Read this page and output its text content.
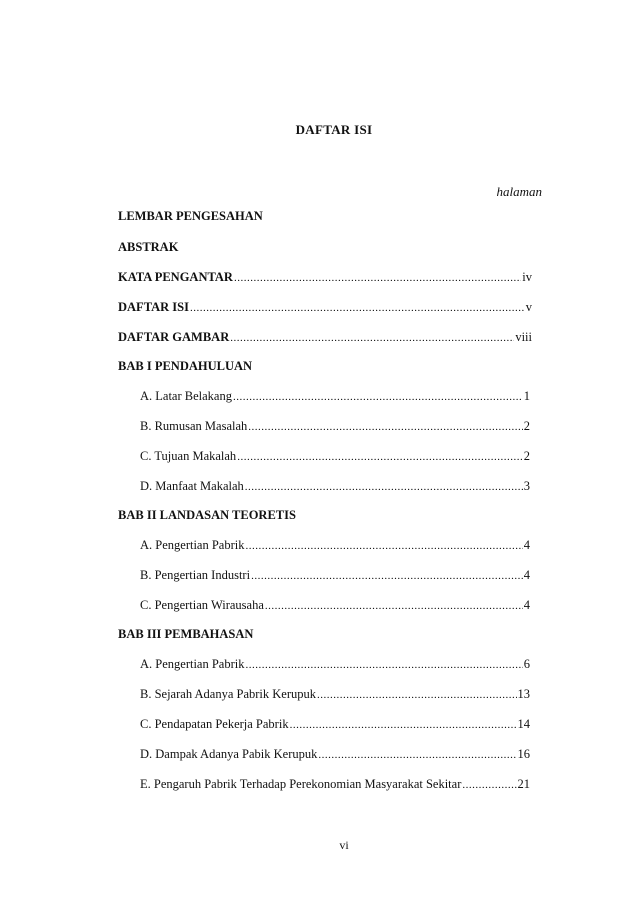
DAFTAR ISI
halaman
LEMBAR PENGESAHAN
ABSTRAK
KATA PENGANTAR .....	iv
DAFTAR ISI .....	v
DAFTAR GAMBAR .....	viii
BAB I PENDAHULUAN
A. Latar Belakang .....	1
B. Rumusan Masalah .....	2
C. Tujuan Makalah .....	2
D. Manfaat Makalah .....	3
BAB II LANDASAN TEORETIS
A. Pengertian Pabrik .....	4
B. Pengertian Industri .....	4
C. Pengertian Wirausaha .....	4
BAB III PEMBAHASAN
A. Pengertian Pabrik .....	6
B. Sejarah Adanya Pabrik Kerupuk .....	13
C. Pendapatan Pekerja Pabrik .....	14
D. Dampak Adanya Pabik Kerupuk .....	16
E. Pengaruh Pabrik Terhadap Perekonomian Masyarakat Sekitar .....	21
vi
